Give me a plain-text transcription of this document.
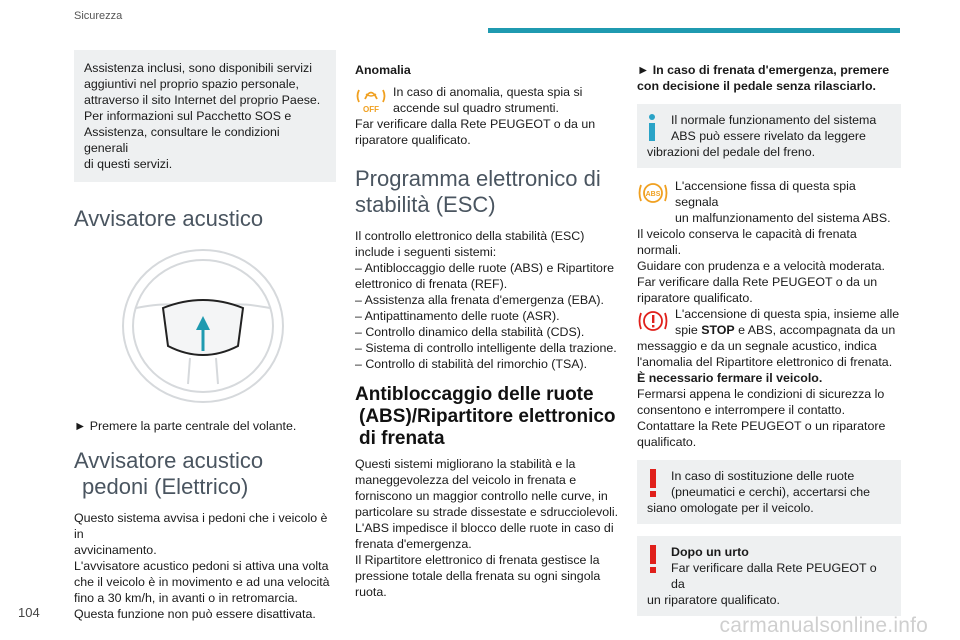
Sicurezza

Assistenza inclusi, sono disponibili servizi

aggiuntivi nel proprio spazio personale,

attraverso il sito Internet del proprio Paese.

Per informazioni sul Pacchetto SOS e

Assistenza, consultare le condizioni generali

di questi servizi.

Avvisatore acustico

► Premere la parte centrale del volante.

Avvisatore acustico
pedoni (Elettrico)

Questo sistema avvisa i pedoni che i veicolo è in

avvicinamento.

L'avvisatore acustico pedoni si attiva una volta

che il veicolo è in movimento e ad una velocità

fino a 30 km/h, in avanti o in retromarcia.

Questa funzione non può essere disattivata.

Anomalia

OFF

In caso di anomalia, questa spia si

accende sul quadro strumenti.

Far verificare dalla Rete PEUGEOT o da un

riparatore qualificato.

Programma elettronico di
stabilità (ESC)

Il controllo elettronico della stabilità (ESC)

include i seguenti sistemi:

– Antibloccaggio delle ruote (ABS) e Ripartitore

elettronico di frenata (REF).

– Assistenza alla frenata d'emergenza (EBA).

– Antipattinamento delle ruote (ASR).

– Controllo dinamico della stabilità (CDS).

– Sistema di controllo intelligente della trazione.

– Controllo di stabilità del rimorchio (TSA).

Antibloccaggio delle ruote
(ABS)/Ripartitore elettronico
di frenata

Questi sistemi migliorano la stabilità e la

maneggevolezza del veicolo in frenata e

forniscono un maggior controllo nelle curve, in

particolare su strade dissestate e sdrucciolevoli.

L'ABS impedisce il blocco delle ruote in caso di

frenata d'emergenza.

Il Ripartitore elettronico di frenata gestisce la

pressione totale della frenata su ogni singola

ruota.

► In caso di frenata d'emergenza, premere

con decisione il pedale senza rilasciarlo.

Il normale funzionamento del sistema

ABS può essere rivelato da leggere

vibrazioni del pedale del freno.

ABS

L'accensione fissa di questa spia segnala

un malfunzionamento del sistema ABS.

Il veicolo conserva le capacità di frenata normali.

Guidare con prudenza e a velocità moderata.

Far verificare dalla Rete PEUGEOT o da un

riparatore qualificato.

L'accensione di questa spia, insieme alle

spie STOP e ABS, accompagnata da un

messaggio e da un segnale acustico, indica

l'anomalia del Ripartitore elettronico di frenata.

È necessario fermare il veicolo.

Fermarsi appena le condizioni di sicurezza lo

consentono e interrompere il contatto.

Contattare la Rete PEUGEOT o un riparatore

qualificato.

In caso di sostituzione delle ruote

(pneumatici e cerchi), accertarsi che

siano omologate per il veicolo.

Dopo un urto

Far verificare dalla Rete PEUGEOT o da

un riparatore qualificato.

104
carmanualsonline.info
